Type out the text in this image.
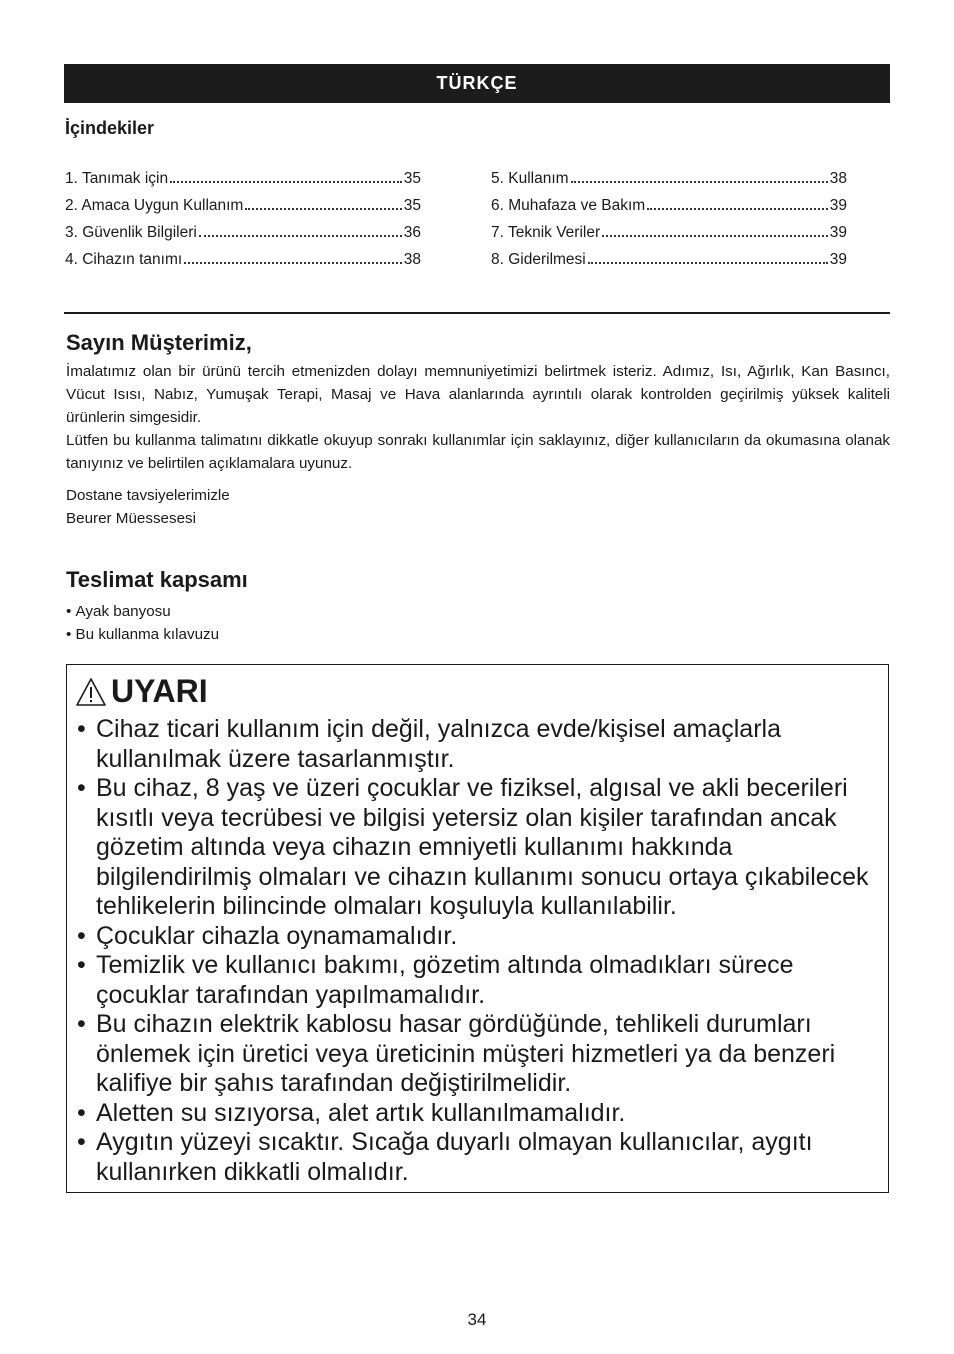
TÜRKÇE
İçindekiler
1. Tanımak için	35
2. Amaca Uygun Kullanım	35
3. Güvenlik Bilgileri	36
4. Cihazın tanımı	38
5. Kullanım	38
6. Muhafaza ve Bakım	39
7. Teknik Veriler	39
8. Giderilmesi	39
Sayın Müşterimiz,
İmalatımız olan bir ürünü tercih etmenizden dolayı memnuniyetimizi belirtmek isteriz. Adımız, Isı, Ağırlık, Kan Basıncı, Vücut Isısı, Nabız, Yumuşak Terapi, Masaj ve Hava alanlarında ayrıntılı olarak kontrolden geçirilmiş yüksek kaliteli ürünlerin simgesidir.
Lütfen bu kullanma talimatını dikkatle okuyup sonrakı kullanımlar için saklayınız, diğer kullanıcıların da okumasına olanak tanıyınız ve belirtilen açıklamalara uyunuz.
Dostane tavsiyelerimizle
Beurer Müessesesi
Teslimat kapsamı
• Ayak banyosu
• Bu kullanma kılavuzu
UYARI
• Cihaz ticari kullanım için değil, yalnızca evde/kişisel amaçlarla kullanılmak üzere tasarlanmıştır.
• Bu cihaz, 8 yaş ve üzeri çocuklar ve fiziksel, algısal ve akli becerileri kısıtlı veya tecrübesi ve bilgisi yetersiz olan kişiler tarafından ancak gözetim altında veya cihazın emniyetli kullanımı hakkında bilgilendirilmiş olmaları ve cihazın kullanımı sonucu ortaya çıkabilecek tehlikelerin bilincinde olmaları koşuluyla kullanılabilir.
• Çocuklar cihazla oynamamalıdır.
• Temizlik ve kullanıcı bakımı, gözetim altında olmadıkları sürece çocuklar tarafından yapılmamalıdır.
• Bu cihazın elektrik kablosu hasar gördüğünde, tehlikeli durumları önlemek için üretici veya üreticinin müşteri hizmetleri ya da benzeri kalifiye bir şahıs tarafından değiştirilmelidir.
• Aletten su sızıyorsa, alet artık kullanılmamalıdır.
• Aygıtın yüzeyi sıcaktır. Sıcağa duyarlı olmayan kullanıcılar, aygıtı kullanırken dikkatli olmalıdır.
34
